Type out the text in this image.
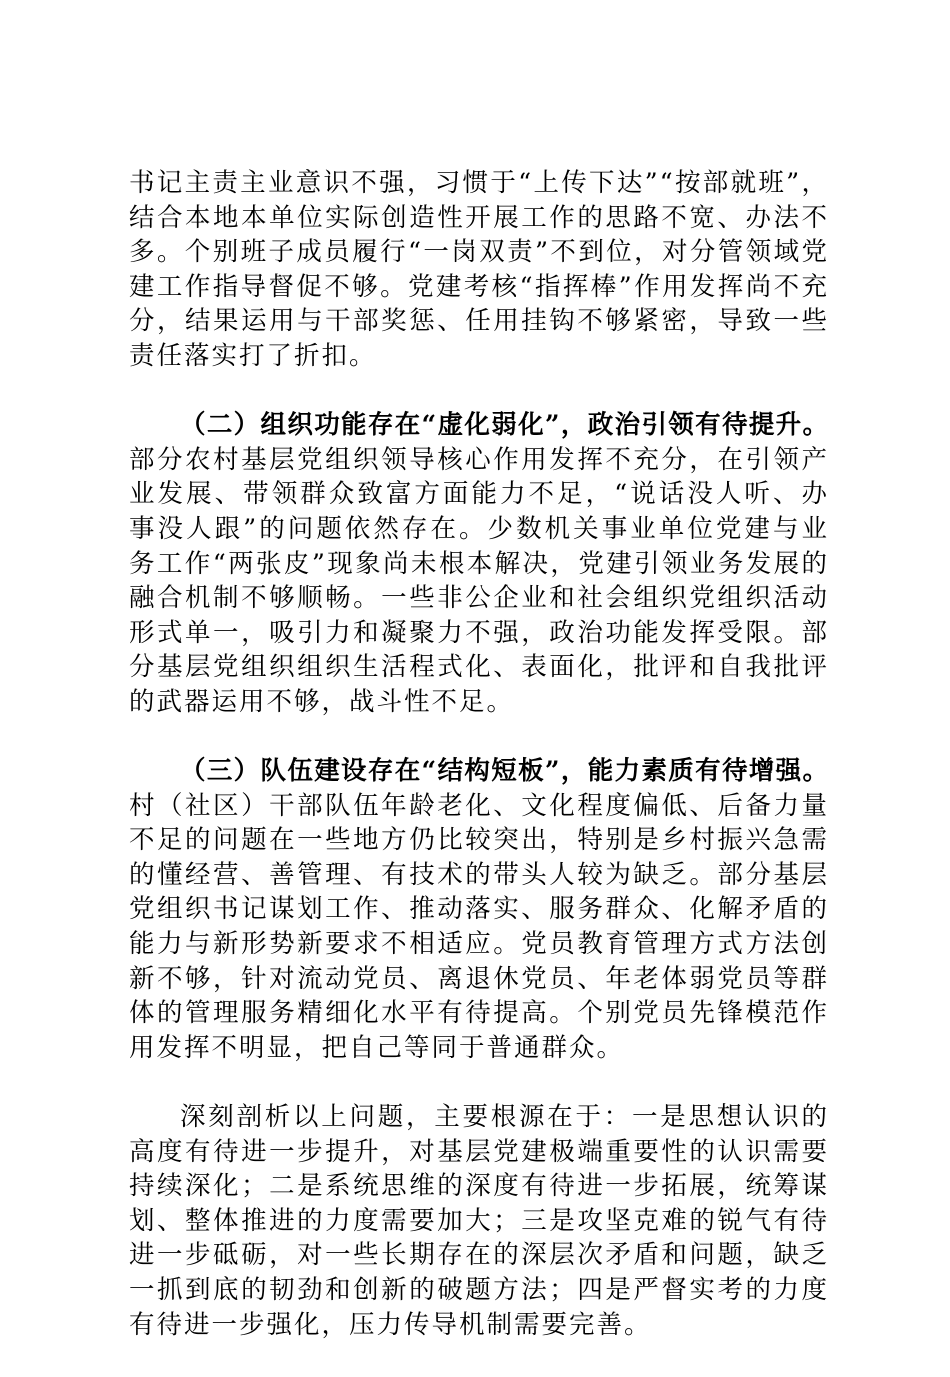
书记主责主业意识不强，习惯于“上传下达”“按部就班”，结合本地本单位实际创造性开展工作的思路不宽、办法不多。个别班子成员履行“一岗双责”不到位，对分管领域党建工作指导督促不够。党建考核“指挥棒”作用发挥尚不充分，结果运用与干部奖惩、任用挂钩不够紧密，导致一些责任落实打了折扣。

（二）组织功能存在“虚化弱化”，政治引领有待提升。部分农村基层党组织领导核心作用发挥不充分，在引领产业发展、带领群众致富方面能力不足，“说话没人听、办事没人跟”的问题依然存在。少数机关事业单位党建与业务工作“两张皮”现象尚未根本解决，党建引领业务发展的融合机制不够顺畅。一些非公企业和社会组织党组织活动形式单一，吸引力和凝聚力不强，政治功能发挥受限。部分基层党组织组织生活程式化、表面化，批评和自我批评的武器运用不够，战斗性不足。

（三）队伍建设存在“结构短板”，能力素质有待增强。村（社区）干部队伍年龄老化、文化程度偏低、后备力量不足的问题在一些地方仍比较突出，特别是乡村振兴急需的懂经营、善管理、有技术的带头人较为缺乏。部分基层党组织书记谋划工作、推动落实、服务群众、化解矛盾的能力与新形势新要求不相适应。党员教育管理方式方法创新不够，针对流动党员、离退休党员、年老体弱党员等群体的管理服务精细化水平有待提高。个别党员先锋模范作用发挥不明显，把自己等同于普通群众。

深刻剖析以上问题，主要根源在于：一是思想认识的高度有待进一步提升，对基层党建极端重要性的认识需要持续深化；二是系统思维的深度有待进一步拓展，统筹谋划、整体推进的力度需要加大；三是攻坚克难的锐气有待进一步砥砺，对一些长期存在的深层次矛盾和问题，缺乏一抓到底的韧劲和创新的破题方法；四是严督实考的力度有待进一步强化，压力传导机制需要完善。
